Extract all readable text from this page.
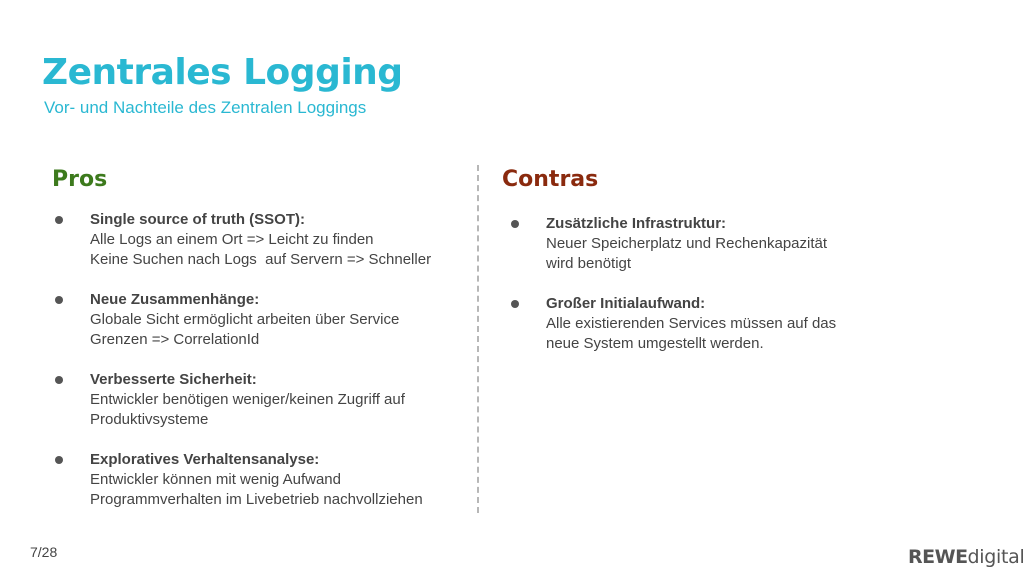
Zentrales Logging

Vor- und Nachteile des Zentralen Loggings

Pros	Contras
Single source of truth (SSOT):
Alle Logs an einem Ort => Leicht zu finden
Keine Suchen nach Logs  auf Servern => Schneller
Neue Zusammenhänge:
Globale Sicht ermöglicht arbeiten über Service
Grenzen => CorrelationId
Verbesserte Sicherheit:
Entwickler benötigen weniger/keinen Zugriff auf
Produktivsysteme
Exploratives Verhaltensanalyse:
Entwickler können mit wenig Aufwand
Programmverhalten im Livebetrieb nachvollziehen
Zusätzliche Infrastruktur:
Neuer Speicherplatz und Rechenkapazität
wird benötigt
Großer Initialaufwand:
Alle existierenden Services müssen auf das
neue System umgestellt werden.
7/28	REWEdigital
